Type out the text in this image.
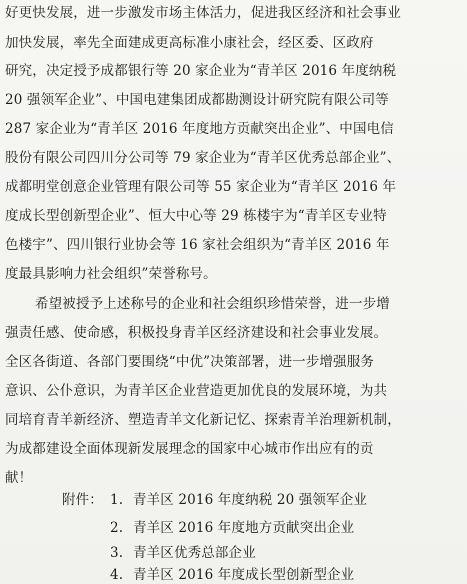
好更快发展，进一步激发市场主体活力，促进我区经济和社会事业
加快发展，率先全面建成更高标准小康社会，经区委、区政府
研究，决定授予成都银行等 20 家企业为“青羊区 2016 年度纳税
20 强领军企业”、中国电建集团成都勘测设计研究院有限公司等
287 家企业为“青羊区 2016 年度地方贡献突出企业”、中国电信
股份有限公司四川分公司等 79 家企业为“青羊区优秀总部企业”、
成都明堂创意企业管理有限公司等 55 家企业为“青羊区 2016 年
度成长型创新型企业”、恒大中心等 29 栋楼宇为“青羊区专业特
色楼宇”、四川银行业协会等 16 家社会组织为“青羊区 2016 年
度最具影响力社会组织”荣誉称号。
希望被授予上述称号的企业和社会组织珍惜荣誉，进一步增
强责任感、使命感，积极投身青羊区经济建设和社会事业发展。
全区各街道、各部门要围绕“中优”决策部署，进一步增强服务
意识、公仆意识，为青羊区企业营造更加优良的发展环境，为共
同培育青羊新经济、塑造青羊文化新记忆、探索青羊治理新机制，
为成都建设全面体现新发展理念的国家中心城市作出应有的贡
献！
附件： 1. 青羊区 2016 年度纳税 20 强领军企业
2. 青羊区 2016 年度地方贡献突出企业
3. 青羊区优秀总部企业
4. 青羊区 2016 年度成长型创新型企业
